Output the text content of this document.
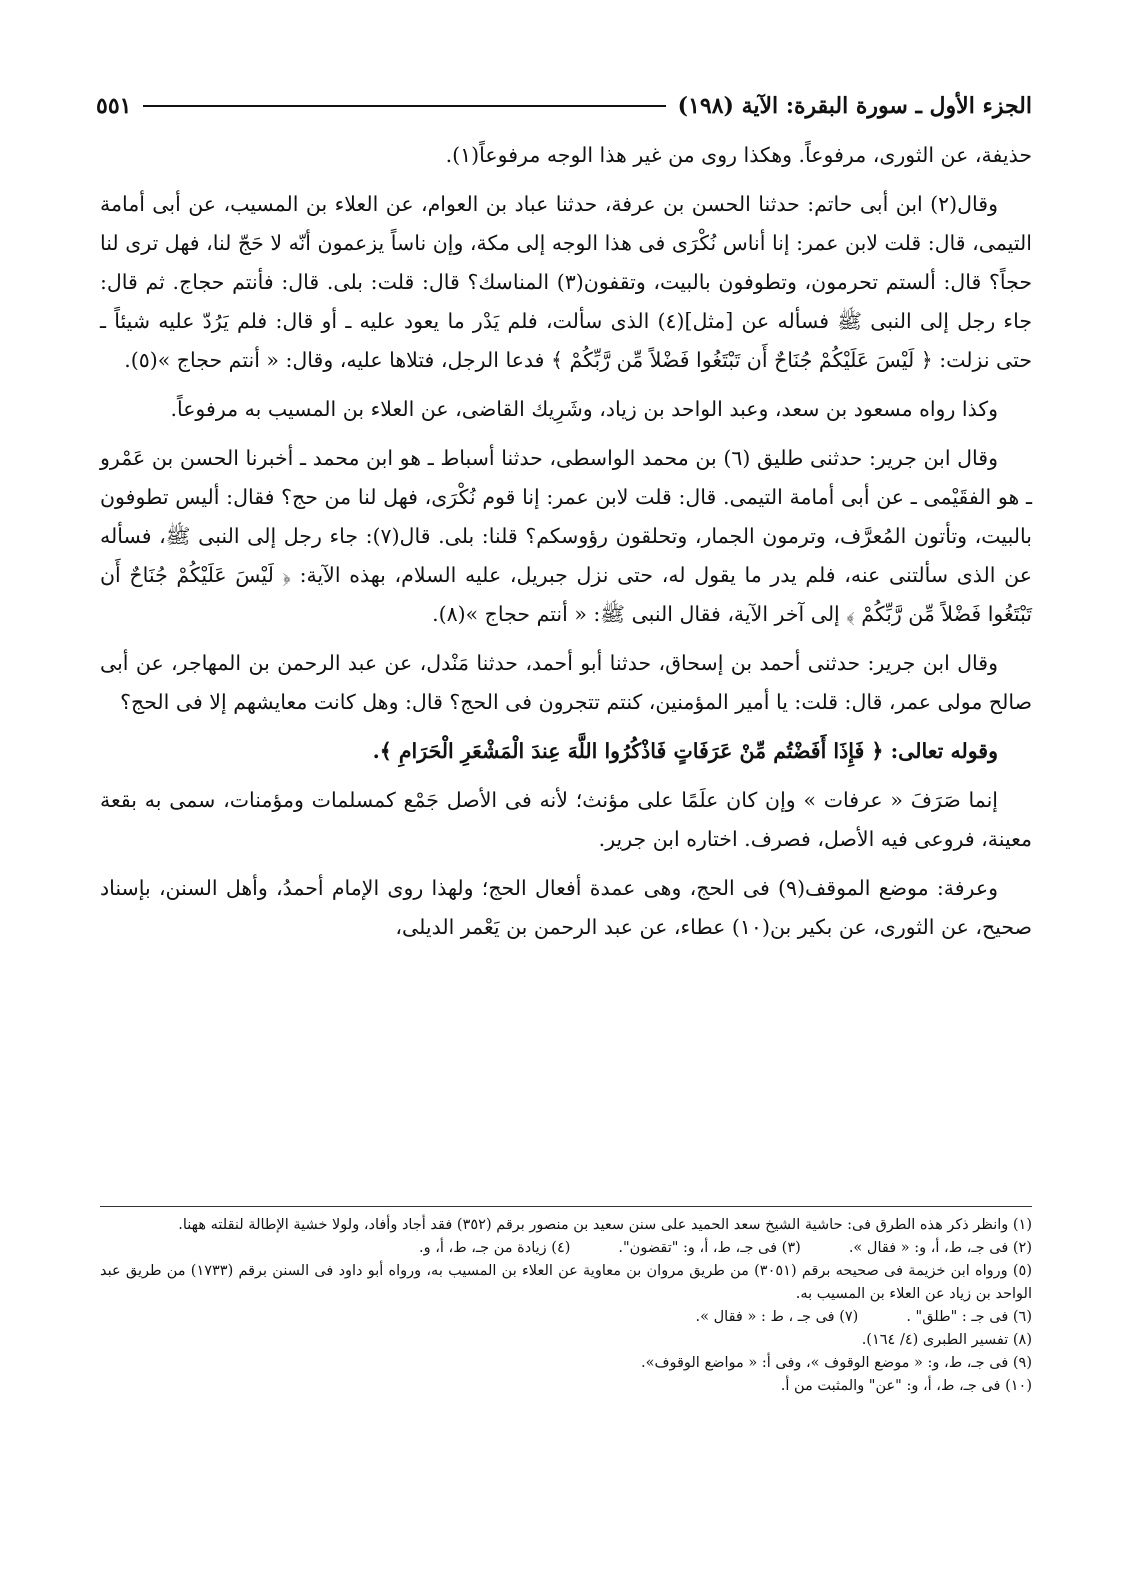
الجزء الأول ـ سورة البقرة: الآية (١٩٨)
٥٥١

حذيفة، عن الثورى، مرفوعاً. وهكذا روى من غير هذا الوجه مرفوعاً(١).

وقال(٢) ابن أبى حاتم: حدثنا الحسن بن عرفة، حدثنا عباد بن العوام، عن العلاء بن المسيب، عن أبى أمامة التيمى، قال: قلت لابن عمر: إنا أناس نُكْرَى فى هذا الوجه إلى مكة، وإن ناساً يزعمون أنّه لا حَجّ لنا، فهل ترى لنا حجاً؟ قال: ألستم تحرمون، وتطوفون بالبيت، وتقفون(٣) المناسك؟ قال: قلت: بلى. قال: فأنتم حجاج. ثم قال: جاء رجل إلى النبى ﷺ فسأله عن [مثل](٤) الذى سألت، فلم يَدْر ما يعود عليه ـ أو قال: فلم يَرُدّ عليه شيئاً ـ حتى نزلت: ﴿ لَيْسَ عَلَيْكُمْ جُنَاحٌ أَن تَبْتَغُوا فَضْلاً مِّن رَّبِّكُمْ ﴾ فدعا الرجل، فتلاها عليه، وقال: « أنتم حجاج »(٥).

وكذا رواه مسعود بن سعد، وعبد الواحد بن زياد، وشَرِيك القاضى، عن العلاء بن المسيب به مرفوعاً.

وقال ابن جرير: حدثنى طليق (٦) بن محمد الواسطى، حدثنا أسباط ـ هو ابن محمد ـ أخبرنا الحسن بن عَمْرو ـ هو الفقَيْمى ـ عن أبى أمامة التيمى. قال: قلت لابن عمر: إنا قوم نُكْرَى، فهل لنا من حج؟ فقال: أليس تطوفون بالبيت، وتأتون المُعرَّف، وترمون الجمار، وتحلقون رؤوسكم؟ قلنا: بلى. قال(٧): جاء رجل إلى النبى ﷺ، فسأله عن الذى سألتنى عنه، فلم يدر ما يقول له، حتى نزل جبريل، عليه السلام، بهذه الآية: ﴿ لَيْسَ عَلَيْكُمْ جُنَاحٌ أَن تَبْتَغُوا فَضْلاً مِّن رَّبِّكُمْ ﴾ إلى آخر الآية، فقال النبى ﷺ: « أنتم حجاج »(٨).

وقال ابن جرير: حدثنى أحمد بن إسحاق، حدثنا أبو أحمد، حدثنا مَنْدل، عن عبد الرحمن بن المهاجر، عن أبى صالح مولى عمر، قال: قلت: يا أمير المؤمنين، كنتم تتجرون فى الحج؟ قال: وهل كانت معايشهم إلا فى الحج؟

وقوله تعالى: ﴿ فَإِذَا أَفَضْتُم مِّنْ عَرَفَاتٍ فَاذْكُرُوا اللَّهَ عِندَ الْمَشْعَرِ الْحَرَامِ ﴾.

إنما صَرَفَ « عرفات » وإن كان علَمًا على مؤنث؛ لأنه فى الأصل جَمْع كمسلمات ومؤمنات، سمى به بقعة معينة، فروعى فيه الأصل، فصرف. اختاره ابن جرير.

وعرفة: موضع الموقف(٩) فى الحج، وهى عمدة أفعال الحج؛ ولهذا روى الإمام أحمدُ، وأهل السنن، بإسناد صحيح، عن الثورى، عن بكير بن(١٠) عطاء، عن عبد الرحمن بن يَعْمر الديلى،

(١) وانظر ذكر هذه الطرق فى: حاشية الشيخ سعد الحميد على سنن سعيد بن منصور برقم (٣٥٢) فقد أجاد وأفاد، ولولا خشية الإطالة لنقلته ههنا.

(٢) فى جـ، ط، أ، و: « فقال ».
(٣) فى جـ، ط، أ، و: "تقضون".
(٤) زيادة من جـ، ط، أ، و.

(٥) ورواه ابن خزيمة فى صحيحه برقم (٣٠٥١) من طريق مروان بن معاوية عن العلاء بن المسيب به، ورواه أبو داود فى السنن برقم (١٧٣٣) من طريق عبد الواحد بن زياد عن العلاء بن المسيب به.

(٦) فى جـ : "طلق" .
(٧) فى جـ ، ط : « فقال ».

(٨) تفسير الطبرى (٤/ ١٦٤).

(٩) فى جـ، ط، و: « موضع الوقوف »، وفى أ: « مواضع الوقوف».

(١٠) فى جـ، ط، أ، و: "عن" والمثبت من أ.
